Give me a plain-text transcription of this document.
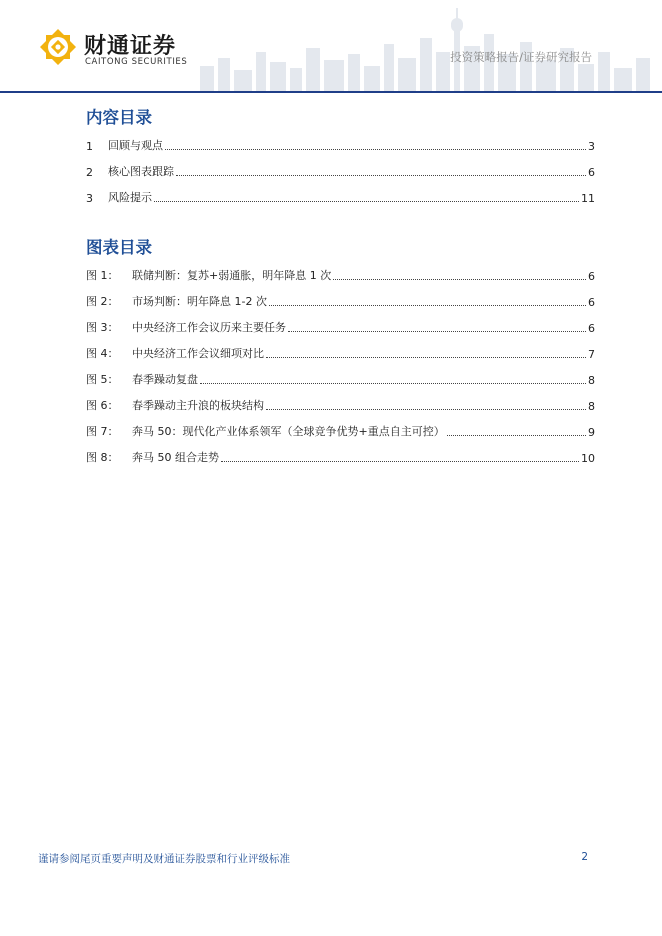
财通证券
CAITONG SECURITIES	投资策略报告/证券研究报告
内容目录
1	回顾与观点	3
2	核心图表跟踪	6
3	风险提示	11
图表目录
图 1：	联储判断：复苏+弱通胀，明年降息 1 次	6
图 2：	市场判断：明年降息 1-2 次	6
图 3：	中央经济工作会议历来主要任务	6
图 4：	中央经济工作会议细项对比	7
图 5：	春季躁动复盘	8
图 6：	春季躁动主升浪的板块结构	8
图 7：	奔马 50：现代化产业体系领军（全球竞争优势+重点自主可控）	9
图 8：	奔马 50 组合走势	10
谨请参阅尾页重要声明及财通证券股票和行业评级标准	2
